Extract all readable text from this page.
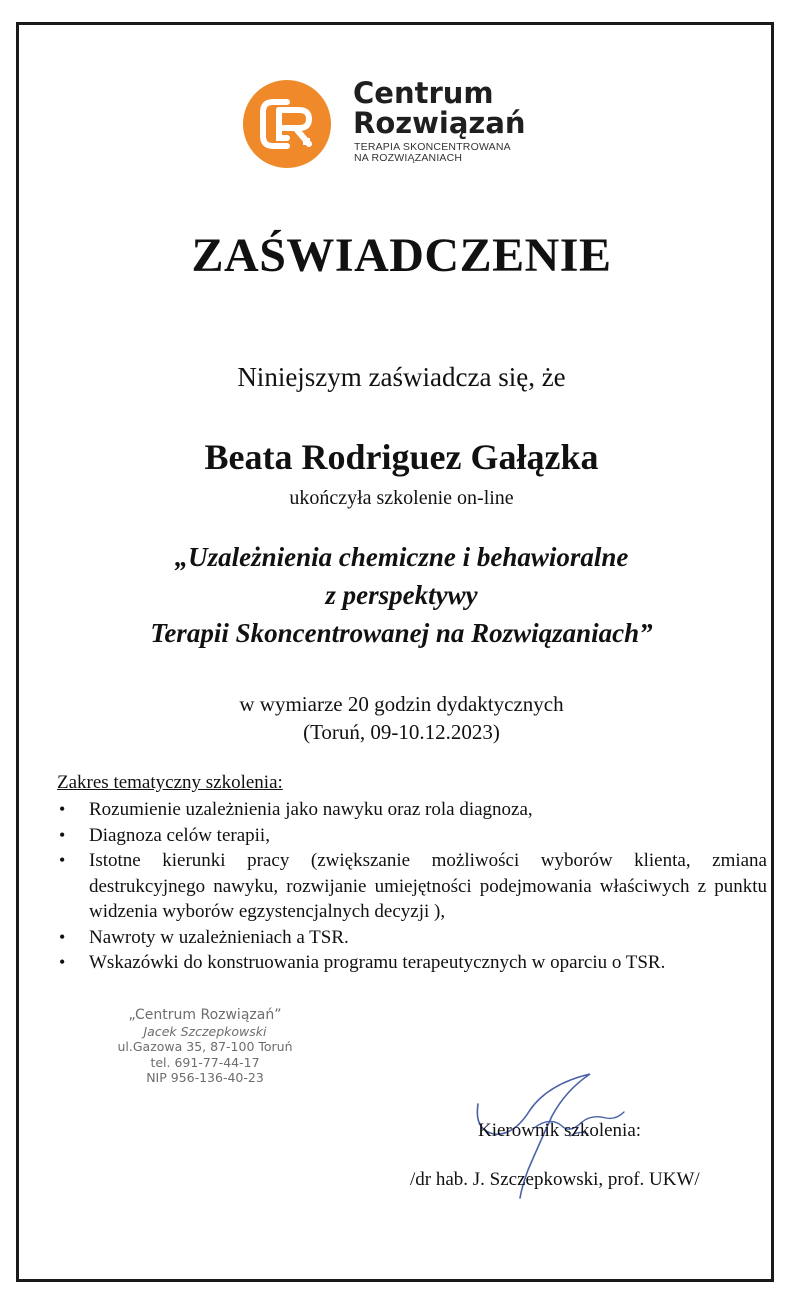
Centrum
Rozwiązań
TERAPIA SKONCENTROWANA
NA ROZWIĄZANIACH
ZAŚWIADCZENIE
Niniejszym zaświadcza się, że
Beata Rodriguez Gałązka
ukończyła szkolenie on-line
„Uzależnienia chemiczne i behawioralne
z perspektywy
Terapii Skoncentrowanej na Rozwiązaniach”
w wymiarze 20 godzin dydaktycznych
(Toruń, 09-10.12.2023)
Zakres tematyczny szkolenia:
• Rozumienie uzależnienia jako nawyku oraz rola diagnoza,
• Diagnoza celów terapii,
• Istotne kierunki pracy (zwiększanie możliwości wyborów klienta, zmiana destrukcyjnego nawyku, rozwijanie umiejętności podejmowania właściwych z punktu widzenia wyborów egzystencjalnych decyzji ),
• Nawroty w uzależnieniach a TSR.
• Wskazówki do konstruowania programu terapeutycznych w oparciu o TSR.
„Centrum Rozwiązań”
Jacek Szczepkowski
ul.Gazowa 35, 87-100 Toruń
tel. 691-77-44-17
NIP 956-136-40-23
Kierownik szkolenia:
/dr hab. J. Szczepkowski, prof. UKW/
